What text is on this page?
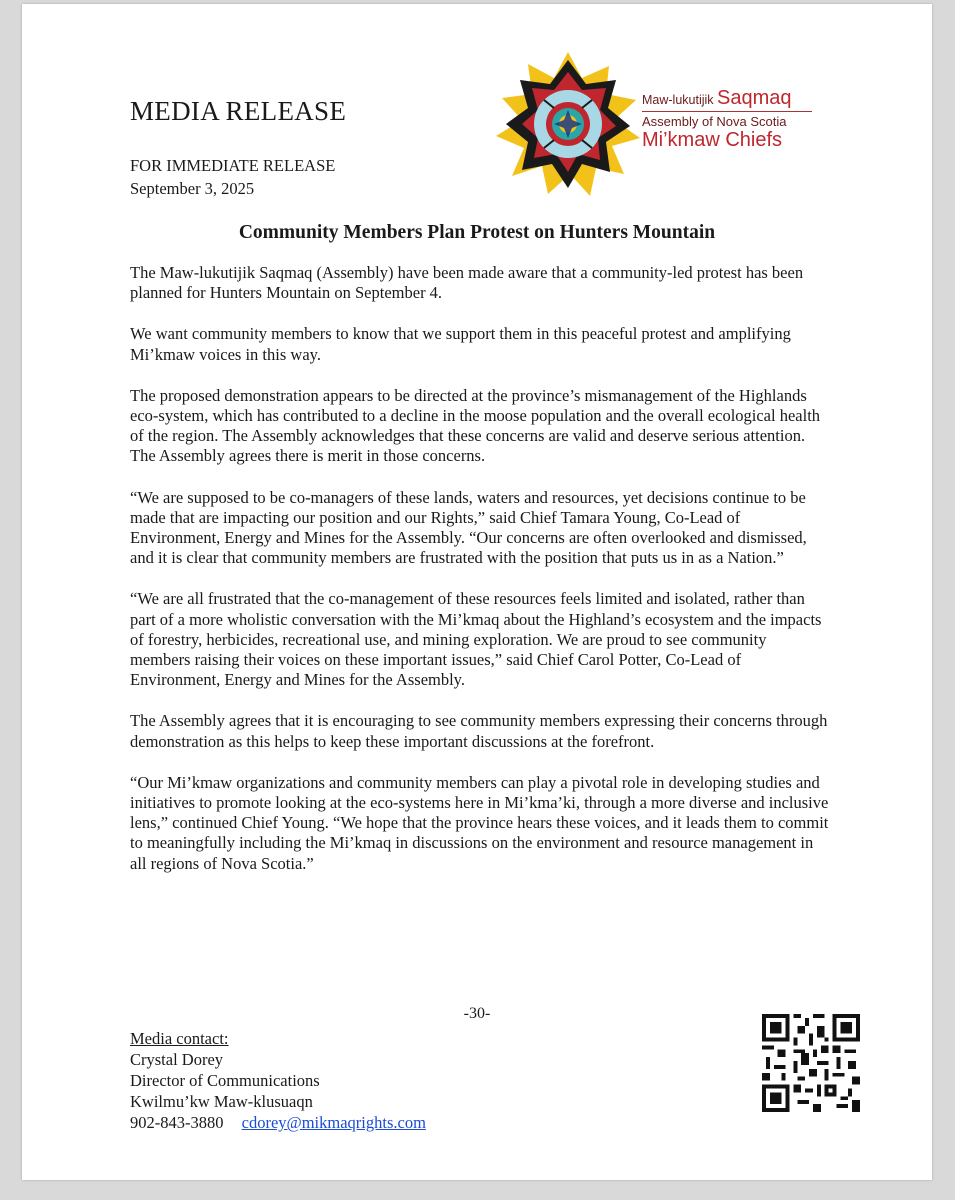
MEDIA RELEASE
FOR IMMEDIATE RELEASE
September 3, 2025
Maw-lukutijik Saqmaq
Assembly of Nova Scotia
Mi’kmaw Chiefs
Community Members Plan Protest on Hunters Mountain

The Maw-lukutijik Saqmaq (Assembly) have been made aware that a community-led protest has been planned for Hunters Mountain on September 4.

We want community members to know that we support them in this peaceful protest and amplifying Mi’kmaw voices in this way.

The proposed demonstration appears to be directed at the province’s mismanagement of the Highlands eco-system, which has contributed to a decline in the moose population and the overall ecological health of the region. The Assembly acknowledges that these concerns are valid and deserve serious attention. The Assembly agrees there is merit in those concerns.

“We are supposed to be co-managers of these lands, waters and resources, yet decisions continue to be made that are impacting our position and our Rights,” said Chief Tamara Young, Co-Lead of Environment, Energy and Mines for the Assembly. “Our concerns are often overlooked and dismissed, and it is clear that community members are frustrated with the position that puts us in as a Nation.”

“We are all frustrated that the co-management of these resources feels limited and isolated, rather than part of a more wholistic conversation with the Mi’kmaq about the Highland’s ecosystem and the impacts of forestry, herbicides, recreational use, and mining exploration. We are proud to see community members raising their voices on these important issues,” said Chief Carol Potter, Co-Lead of Environment, Energy and Mines for the Assembly.

The Assembly agrees that it is encouraging to see community members expressing their concerns through demonstration as this helps to keep these important discussions at the forefront.

“Our Mi’kmaw organizations and community members can play a pivotal role in developing studies and initiatives to promote looking at the eco-systems here in Mi’kma’ki, through a more diverse and inclusive lens,” continued Chief Young. “We hope that the province hears these voices, and it leads them to commit to meaningfully including the Mi’kmaq in discussions on the environment and resource management in all regions of Nova Scotia.”

-30-
Media contact:
Crystal Dorey
Director of Communications
Kwilmu’kw Maw-klusuaqn
902-843-3880 cdorey@mikmaqrights.com
